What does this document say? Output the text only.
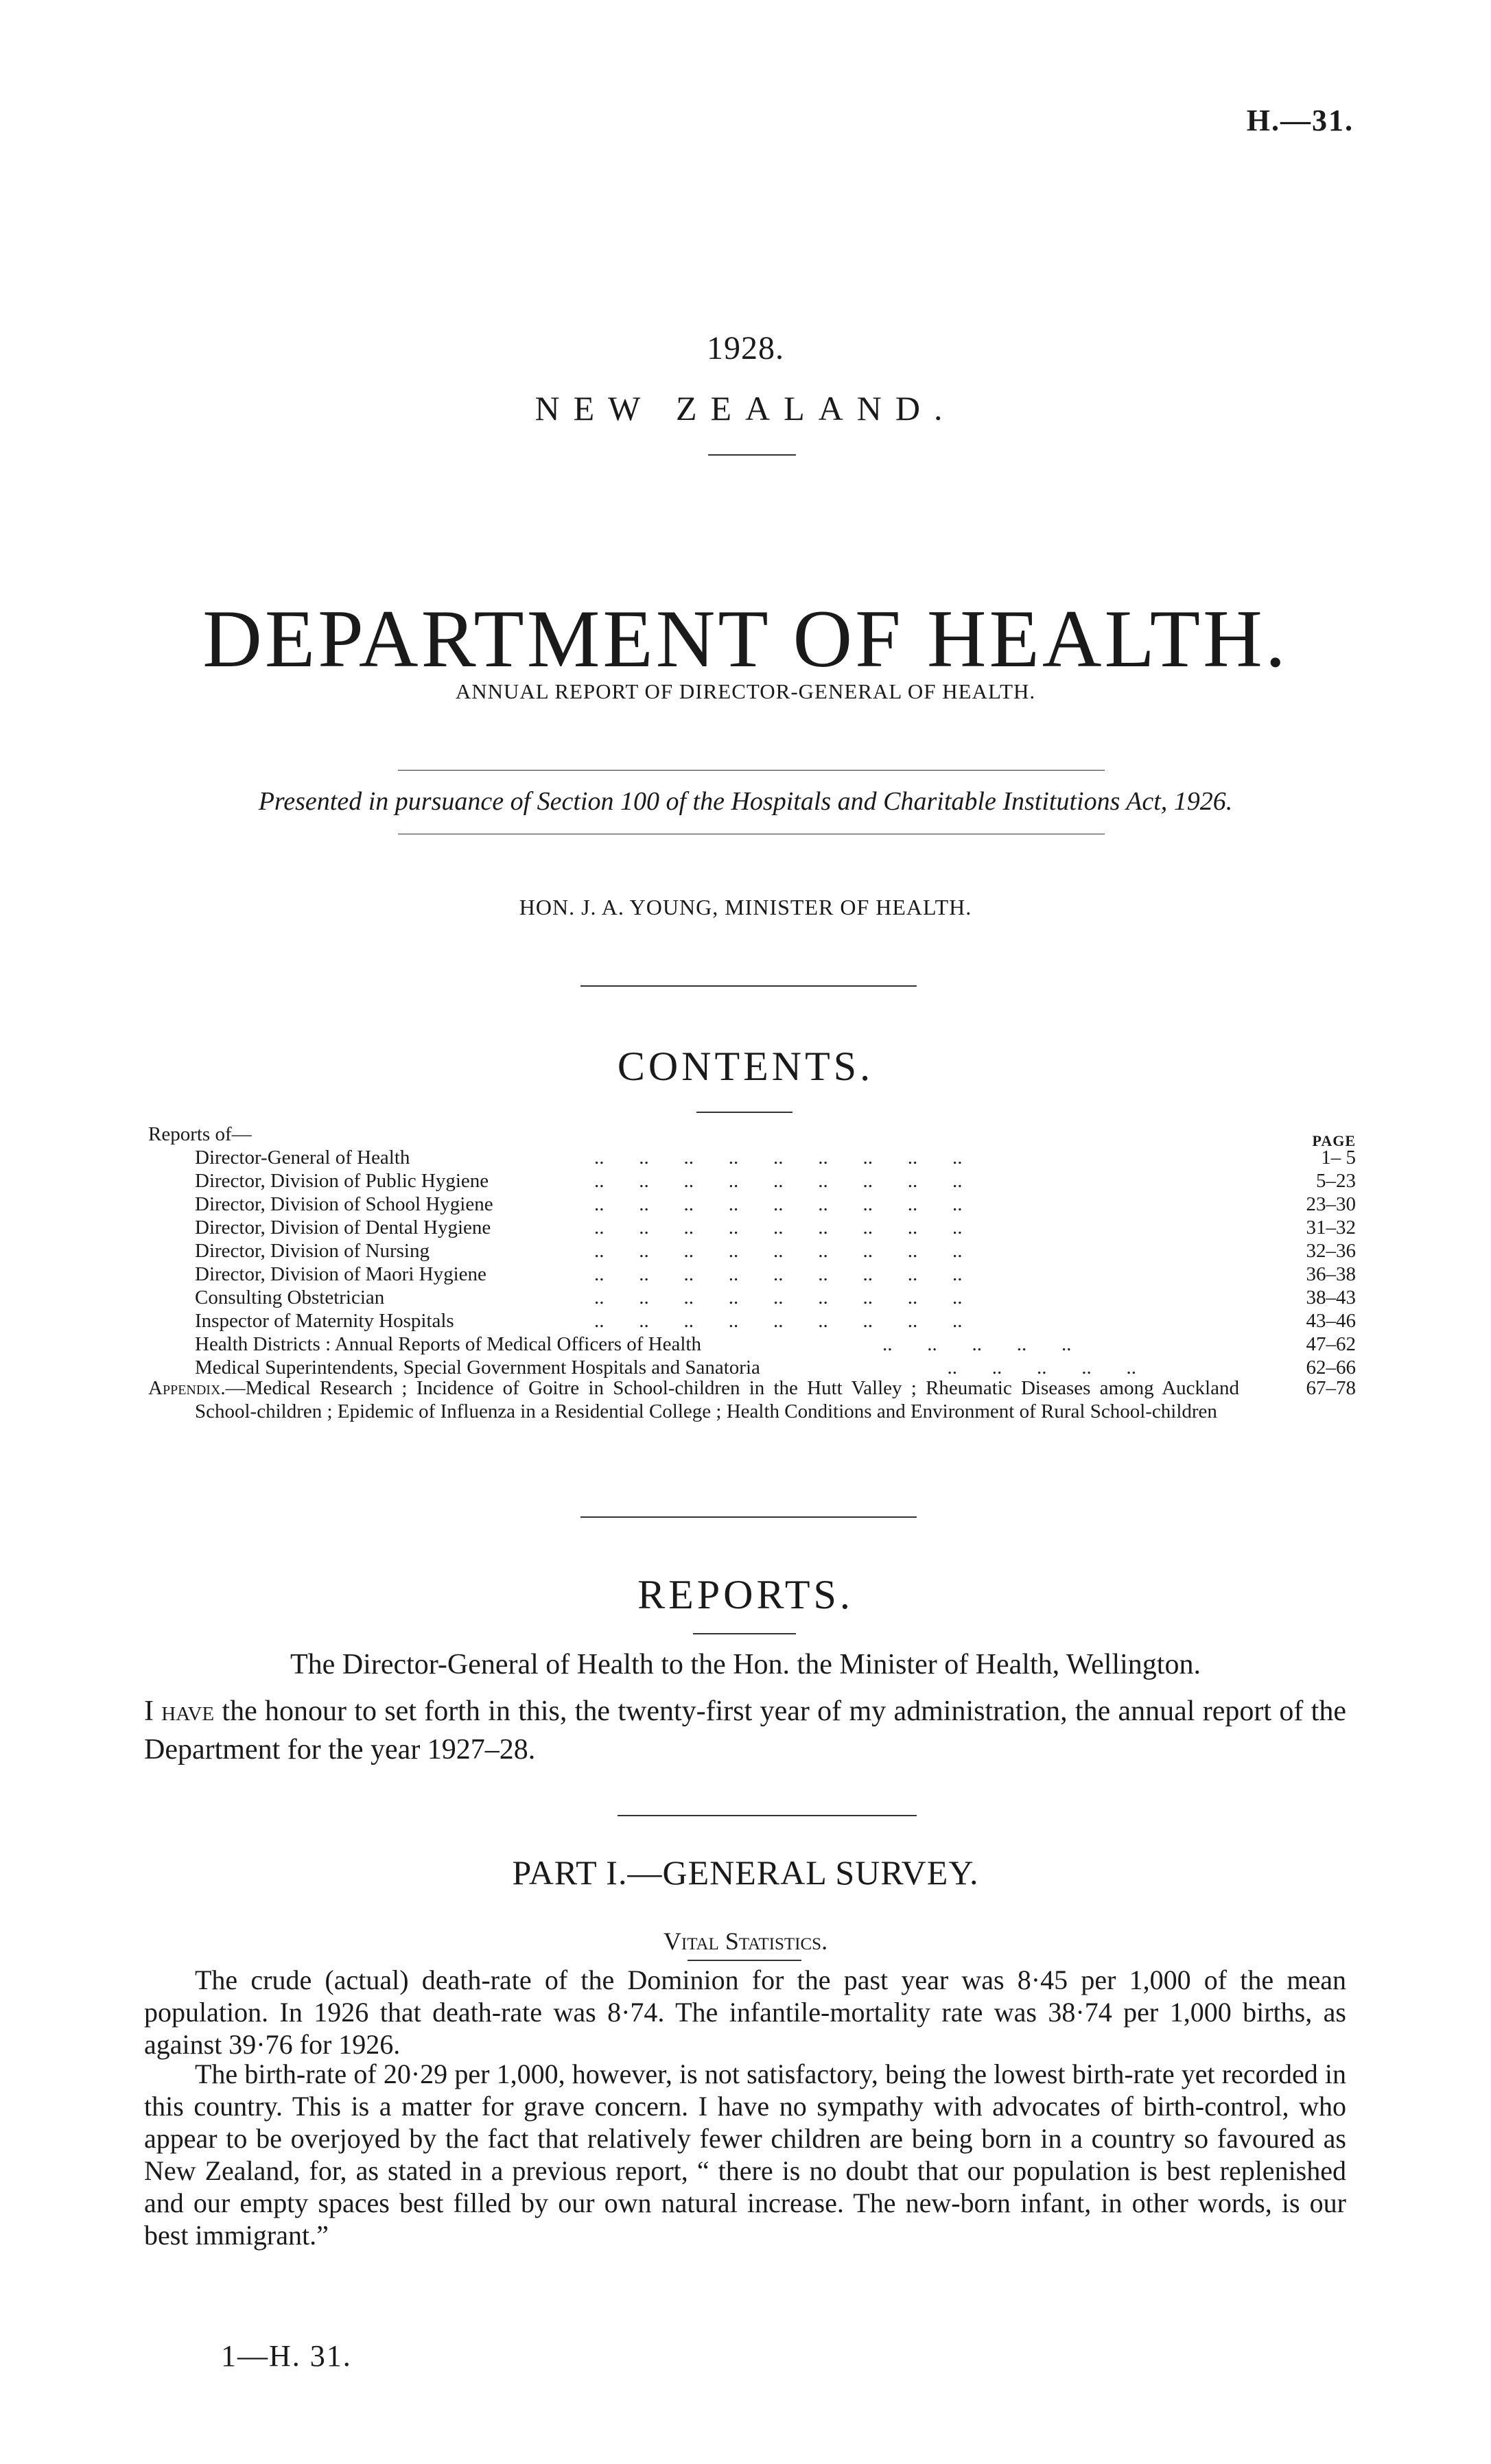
H.—31.
1928.
NEW ZEALAND.
DEPARTMENT OF HEALTH.
ANNUAL REPORT OF DIRECTOR-GENERAL OF HEALTH.
Presented in pursuance of Section 100 of the Hospitals and Charitable Institutions Act, 1926.
HON. J. A. YOUNG, MINISTER OF HEALTH.
CONTENTS.
Reports of—	PAGE
Director-General of Health	..       ..       ..       ..       ..       ..       ..       ..       ..	1– 5
Director, Division of Public Hygiene	..       ..       ..       ..       ..       ..       ..       ..       ..	5–23
Director, Division of School Hygiene	..       ..       ..       ..       ..       ..       ..       ..       ..	23–30
Director, Division of Dental Hygiene	..       ..       ..       ..       ..       ..       ..       ..       ..	31–32
Director, Division of Nursing	..       ..       ..       ..       ..       ..       ..       ..       ..	32–36
Director, Division of Maori Hygiene	..       ..       ..       ..       ..       ..       ..       ..       ..	36–38
Consulting Obstetrician	..       ..       ..       ..       ..       ..       ..       ..       ..	38–43
Inspector of Maternity Hospitals	..       ..       ..       ..       ..       ..       ..       ..       ..	43–46
Health Districts : Annual Reports of Medical Officers of Health	..       ..       ..       ..       ..	47–62
Medical Superintendents, Special Government Hospitals and Sanatoria	..       ..       ..       ..       ..	62–66
Appendix.—Medical Research ; Incidence of Goitre in School-children in the Hutt Valley ; Rheumatic Diseases among Auckland School-children ; Epidemic of Influenza in a Residential College ; Health Conditions and Environment of Rural School-children
67–78
REPORTS.
The Director-General of Health to the Hon. the Minister of Health, Wellington.
I have the honour to set forth in this, the twenty-first year of my administration, the annual report of the Department for the year 1927–28.
PART I.—GENERAL SURVEY.
Vital Statistics.

The crude (actual) death-rate of the Dominion for the past year was 8·45 per 1,000 of the mean population. In 1926 that death-rate was 8·74. The infantile-mortality rate was 38·74 per 1,000 births, as against 39·76 for 1926.

The birth-rate of 20·29 per 1,000, however, is not satisfactory, being the lowest birth-rate yet recorded in this country. This is a matter for grave concern. I have no sympathy with advocates of birth-control, who appear to be overjoyed by the fact that relatively fewer children are being born in a country so favoured as New Zealand, for, as stated in a previous report, “ there is no doubt that our population is best replenished and our empty spaces best filled by our own natural increase. The new-born infant, in other words, is our best immigrant.”

1—H. 31.
